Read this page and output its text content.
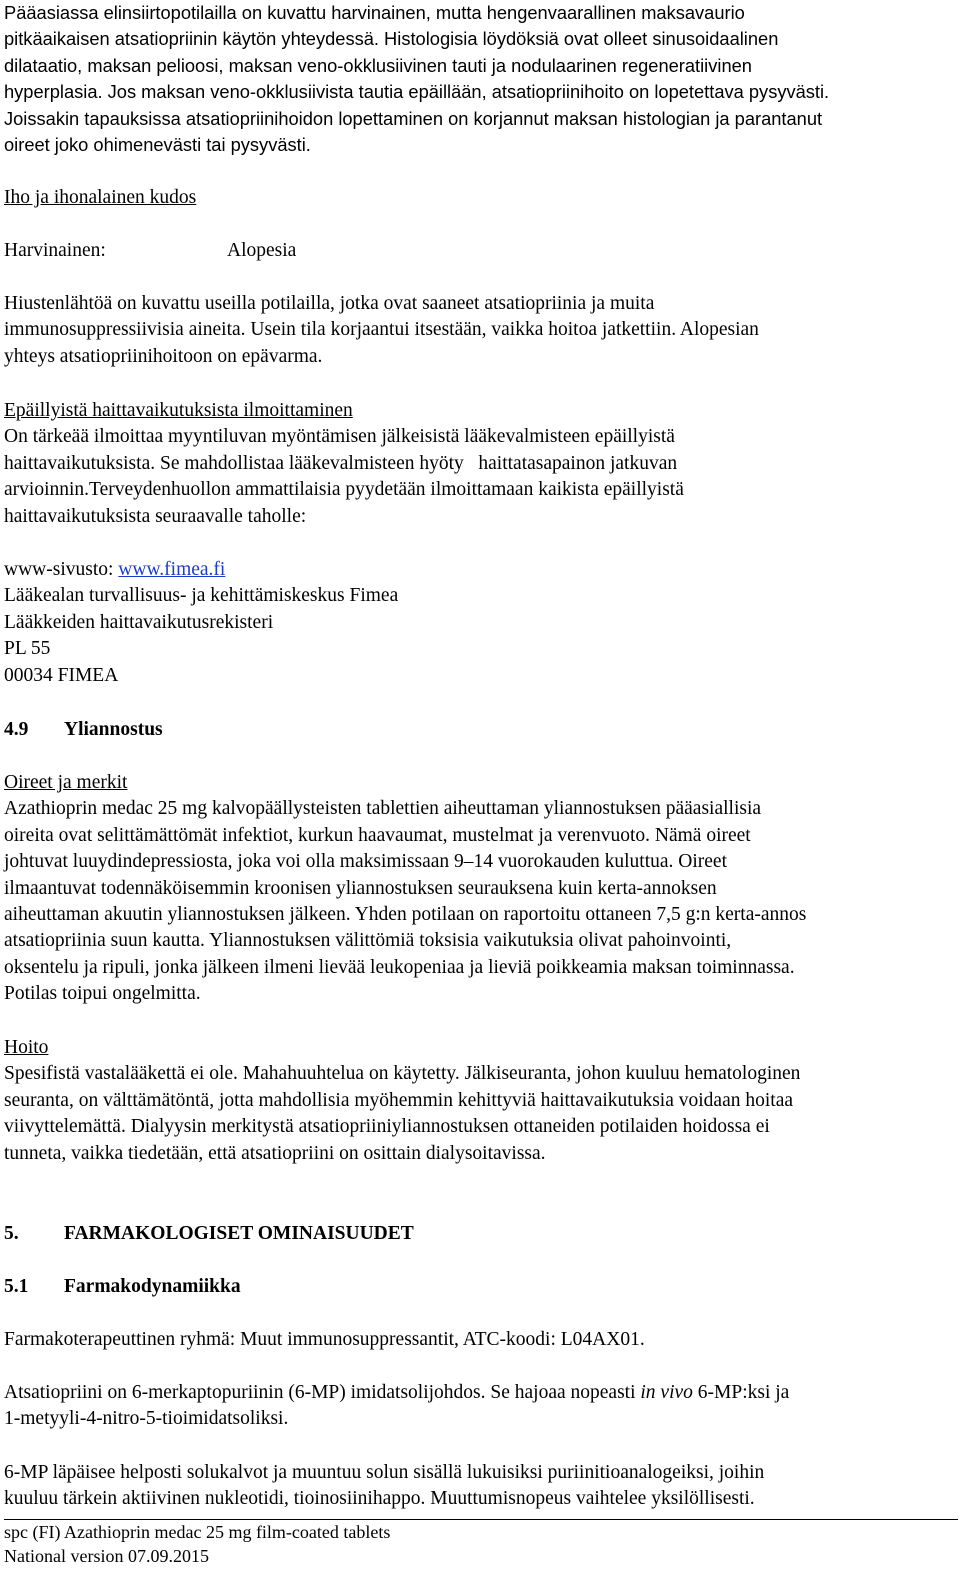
Pääasiassa elinsiirtopotilailla on kuvattu harvinainen, mutta hengenvaarallinen maksavaurio
pitkäaikaisen atsatiopriinin käytön yhteydessä. Histologisia löydöksiä ovat olleet sinusoidaalinen
dilataatio, maksan pelioosi, maksan veno-okklusiivinen tauti ja nodulaarinen regeneratiivinen
hyperplasia. Jos maksan veno-okklusiivista tautia epäillään, atsatiopriinihoito on lopetettava pysyvästi.
Joissakin tapauksissa atsatiopriinihoidon lopettaminen on korjannut maksan histologian ja parantanut
oireet joko ohimenevästi tai pysyvästi.
Iho ja ihonalainen kudos
Harvinainen:	Alopesia
Hiustenlähtöä on kuvattu useilla potilailla, jotka ovat saaneet atsatiopriinia ja muita
immunosuppressiivisia aineita. Usein tila korjaantui itsestään, vaikka hoitoa jatkettiin. Alopesian
yhteys atsatiopriinihoitoon on epävarma.
Epäillyistä haittavaikutuksista ilmoittaminen
On tärkeää ilmoittaa myyntiluvan myöntämisen jälkeisistä lääkevalmisteen epäillyistä
haittavaikutuksista. Se mahdollistaa lääkevalmisteen hyöty   haittatasapainon jatkuvan
arvioinnin.Terveydenhuollon ammattilaisia pyydetään ilmoittamaan kaikista epäillyistä
haittavaikutuksista seuraavalle taholle:
www-sivusto: www.fimea.fi
Lääkealan turvallisuus- ja kehittämiskeskus Fimea
Lääkkeiden haittavaikutusrekisteri
PL 55
00034 FIMEA
4.9 Yliannostus
Oireet ja merkit
Azathioprin medac 25 mg kalvopäällysteisten tablettien aiheuttaman yliannostuksen pääasiallisia
oireita ovat selittämättömät infektiot, kurkun haavaumat, mustelmat ja verenvuoto. Nämä oireet
johtuvat luuydindepressiosta, joka voi olla maksimissaan 9–14 vuorokauden kuluttua. Oireet
ilmaantuvat todennäköisemmin kroonisen yliannostuksen seurauksena kuin kerta-annoksen
aiheuttaman akuutin yliannostuksen jälkeen. Yhden potilaan on raportoitu ottaneen 7,5 g:n kerta-annos
atsatiopriinia suun kautta. Yliannostuksen välittömiä toksisia vaikutuksia olivat pahoinvointi,
oksentelu ja ripuli, jonka jälkeen ilmeni lievää leukopeniaa ja lieviä poikkeamia maksan toiminnassa.
Potilas toipui ongelmitta.
Hoito
Spesifistä vastalääkettä ei ole. Mahahuuhtelua on käytetty. Jälkiseuranta, johon kuuluu hematologinen
seuranta, on välttämätöntä, jotta mahdollisia myöhemmin kehittyviä haittavaikutuksia voidaan hoitaa
viivyttelemättä. Dialyysin merkitystä atsatiopriiniyliannostuksen ottaneiden potilaiden hoidossa ei
tunneta, vaikka tiedetään, että atsatiopriini on osittain dialysoitavissa.
5. FARMAKOLOGISET OMINAISUUDET
5.1 Farmakodynamiikka
Farmakoterapeuttinen ryhmä: Muut immunosuppressantit, ATC-koodi: L04AX01.
Atsatiopriini on 6-merkaptopuriinin (6-MP) imidatsolijohdos. Se hajoaa nopeasti in vivo 6-MP:ksi ja
1-metyyli-4-nitro-5-tioimidatsoliksi.
6-MP läpäisee helposti solukalvot ja muuntuu solun sisällä lukuisiksi puriinitioanalogeiksi, joihin
kuuluu tärkein aktiivinen nukleotidi, tioinosiinihappo. Muuttumisnopeus vaihtelee yksilöllisesti.
spc (FI) Azathioprin medac 25 mg film-coated tablets
National version 07.09.2015
